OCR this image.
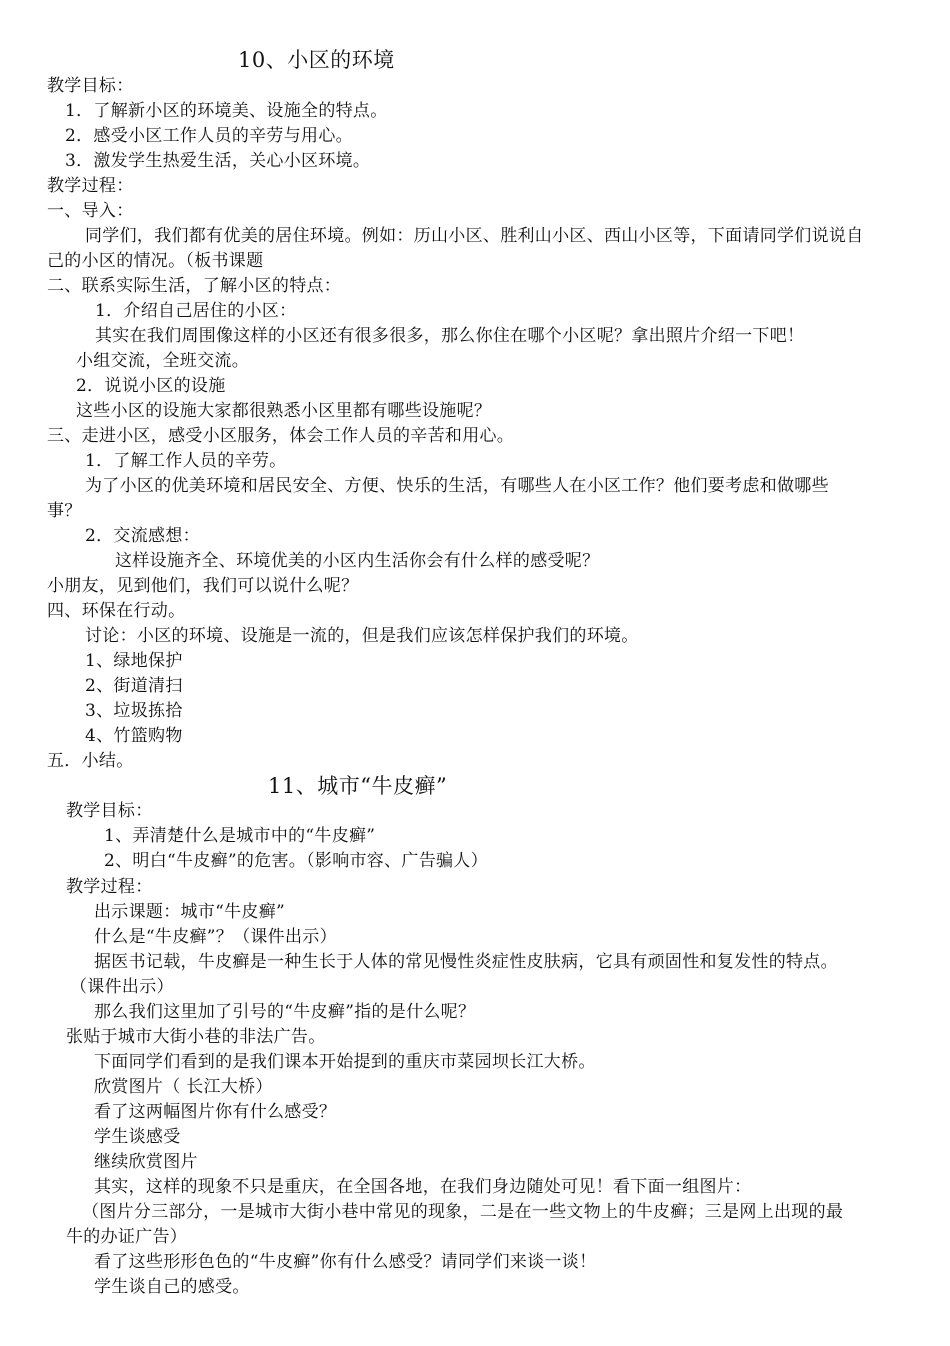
10、小区的环境
教学目标：
1．了解新小区的环境美、设施全的特点。
2．感受小区工作人员的辛劳与用心。
3．激发学生热爱生活，关心小区环境。
教学过程：
一、导入：
同学们，我们都有优美的居住环境。例如：历山小区、胜利山小区、西山小区等，下面请同学们说说自
己的小区的情况。（板书课题
二、联系实际生活，了解小区的特点：
1．介绍自己居住的小区：
其实在我们周围像这样的小区还有很多很多，那么你住在哪个小区呢？拿出照片介绍一下吧！
小组交流，全班交流。
2．说说小区的设施
这些小区的设施大家都很熟悉小区里都有哪些设施呢？
三、走进小区，感受小区服务，体会工作人员的辛苦和用心。
1．了解工作人员的辛劳。
为了小区的优美环境和居民安全、方便、快乐的生活，有哪些人在小区工作？他们要考虑和做哪些
事？
2．交流感想：
这样设施齐全、环境优美的小区内生活你会有什么样的感受呢？
小朋友，见到他们，我们可以说什么呢？
四、环保在行动。
讨论：小区的环境、设施是一流的，但是我们应该怎样保护我们的环境。
1、绿地保护
2、街道清扫
3、垃圾拣拾
4、竹篮购物
五．小结。
11、城市“牛皮癣”
教学目标：
1、弄清楚什么是城市中的“牛皮癣”
2、明白“牛皮癣”的危害。（影响市容、广告骗人）
教学过程：
出示课题：城市“牛皮癣”
什么是“牛皮癣”？（课件出示）
据医书记载，牛皮癣是一种生长于人体的常见慢性炎症性皮肤病，它具有顽固性和复发性的特点。
（课件出示）
那么我们这里加了引号的“牛皮癣”指的是什么呢？
张贴于城市大街小巷的非法广告。
下面同学们看到的是我们课本开始提到的重庆市菜园坝长江大桥。
欣赏图片（ 长江大桥）
看了这两幅图片你有什么感受？
学生谈感受
继续欣赏图片
其实，这样的现象不只是重庆，在全国各地，在我们身边随处可见！看下面一组图片：
（图片分三部分，一是城市大街小巷中常见的现象，二是在一些文物上的牛皮癣；三是网上出现的最
牛的办证广告）
看了这些形形色色的“牛皮癣”你有什么感受？请同学们来谈一谈！
学生谈自己的感受。
